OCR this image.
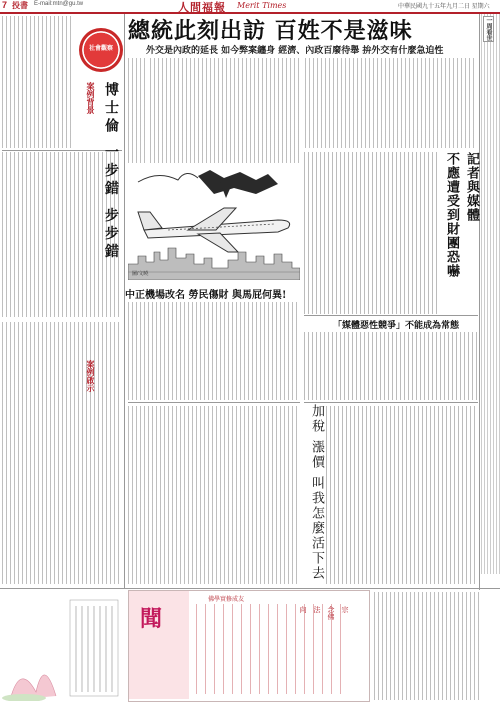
7 投書 E-mail:mtn@gu.tw	人間福報 Merit Times	中華民國九十五年九月二日 星期六
一周看世
社會觀察
博士倫 一步錯 步步錯
案例背景
案例啟示
總統此刻出訪 百姓不是滋味
外交是內政的延長 如今弊案纏身 經濟、內政百廢待舉 拚外交有什麼急迫性
圖/文曉
中正機場改名 勞民傷財 與馬屁何異!
記者與媒體
不應遭受到財團恐嚇
「媒體惡性競爭」不能成為常態
加稅 漲價 叫我怎麼活下去
聞
佛學實修成友
宗
念佛
法
向
